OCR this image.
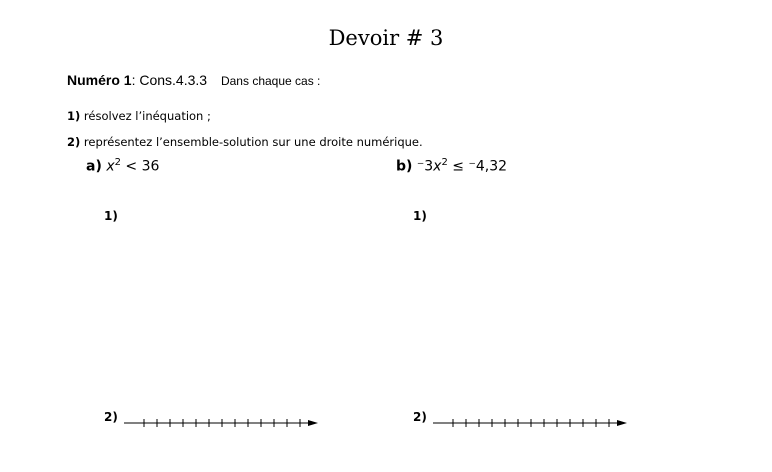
Devoir # 3
Numéro 1: Cons.4.3.3 Dans chaque cas :
1) résolvez l’inéquation ;
2) représentez l’ensemble-solution sur une droite numérique.
a) $x^2 < 36$
1)
2)
b) $^-3x^2 \le ^-4,32$
1)
2)
